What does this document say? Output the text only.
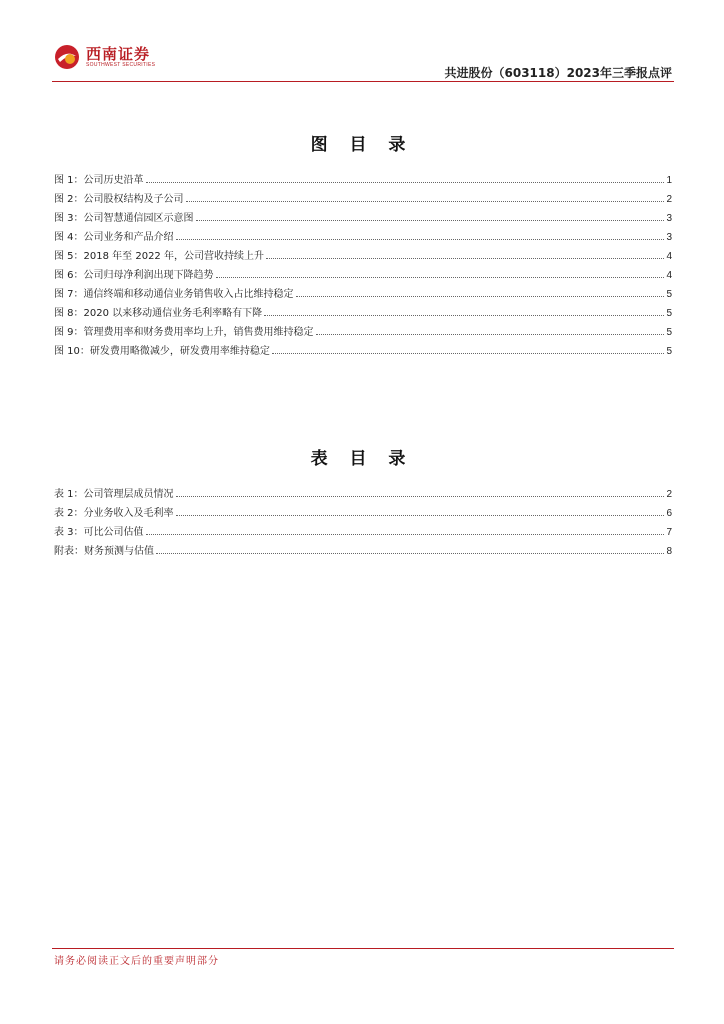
西南证券
SOUTHWEST SECURITIES
共进股份（603118）2023年三季报点评
图 目 录
图 1：公司历史沿革	1
图 2：公司股权结构及子公司	2
图 3：公司智慧通信园区示意图	3
图 4：公司业务和产品介绍	3
图 5：2018 年至 2022 年，公司营收持续上升	4
图 6：公司归母净利润出现下降趋势	4
图 7：通信终端和移动通信业务销售收入占比维持稳定	5
图 8：2020 以来移动通信业务毛利率略有下降	5
图 9：管理费用率和财务费用率均上升，销售费用维持稳定	5
图 10：研发费用略微减少，研发费用率维持稳定	5
表 目 录
表 1：公司管理层成员情况	2
表 2：分业务收入及毛利率	6
表 3：可比公司估值	7
附表：财务预测与估值	8
请务必阅读正文后的重要声明部分
